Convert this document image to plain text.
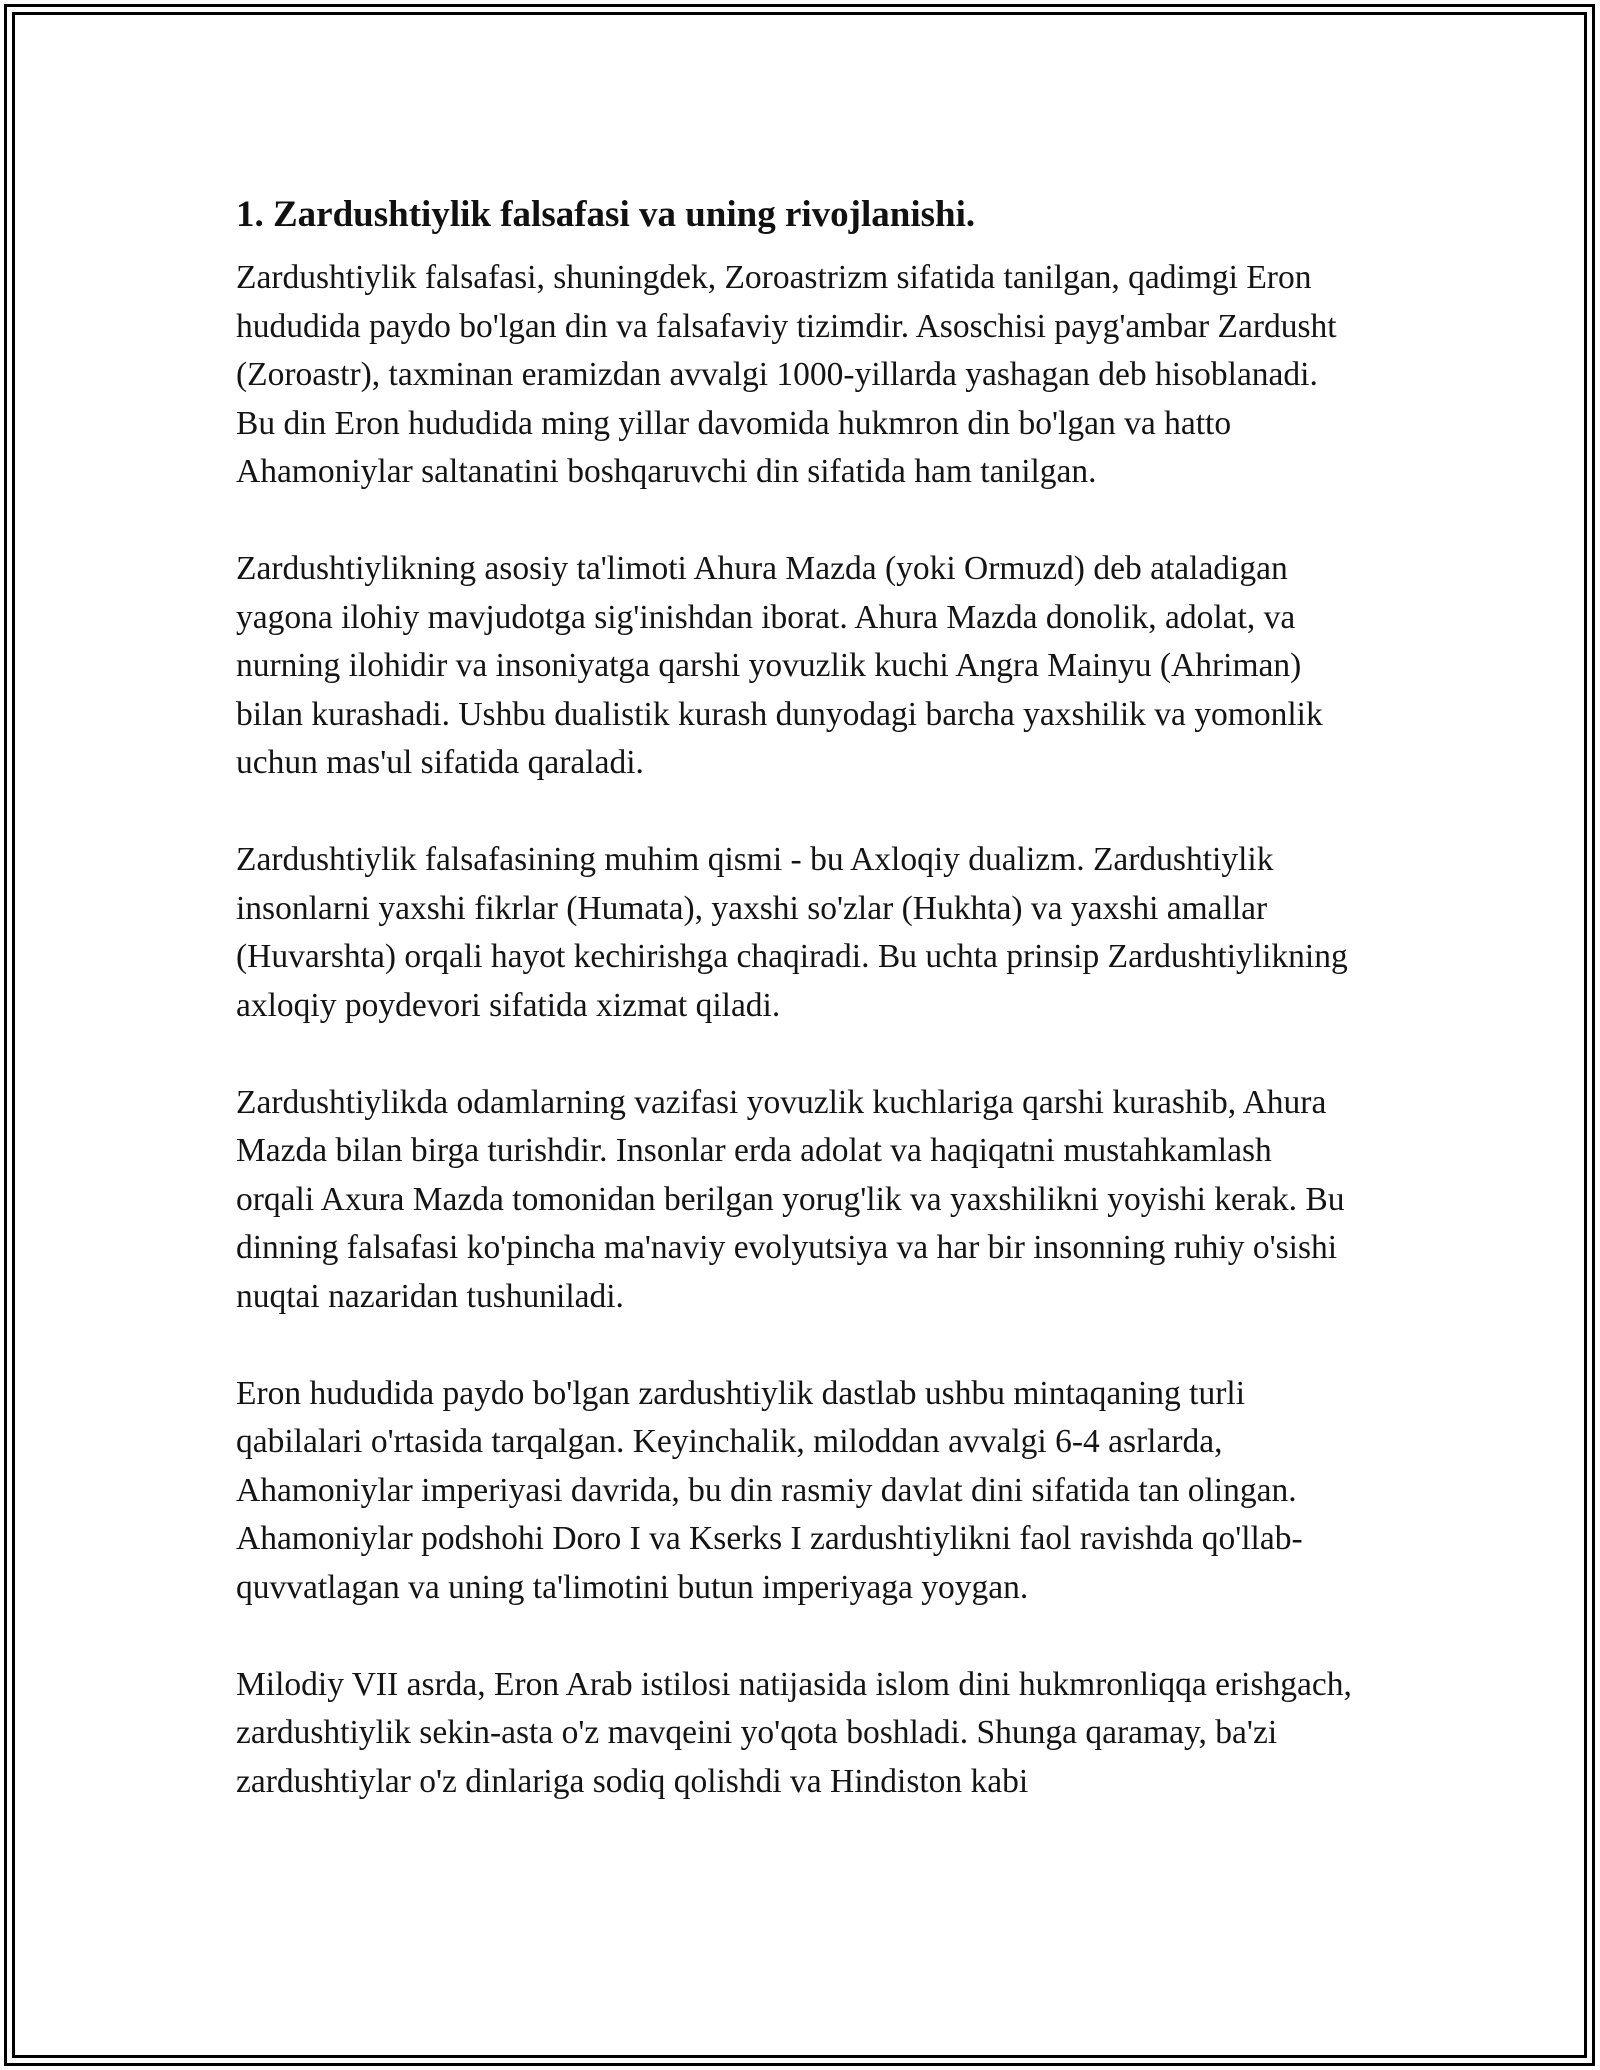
1. Zardushtiylik falsafasi va uning rivojlanishi.

Zardushtiylik falsafasi, shuningdek, Zoroastrizm sifatida tanilgan, qadimgi Eron hududida paydo bo'lgan din va falsafaviy tizimdir. Asoschisi payg'ambar Zardusht (Zoroastr), taxminan eramizdan avvalgi 1000-yillarda yashagan deb hisoblanadi. Bu din Eron hududida ming yillar davomida hukmron din bo'lgan va hatto Ahamoniylar saltanatini boshqaruvchi din sifatida ham tanilgan.

Zardushtiylikning asosiy ta'limoti Ahura Mazda (yoki Ormuzd) deb ataladigan yagona ilohiy mavjudotga sig'inishdan iborat. Ahura Mazda donolik, adolat, va nurning ilohidir va insoniyatga qarshi yovuzlik kuchi Angra Mainyu (Ahriman) bilan kurashadi. Ushbu dualistik kurash dunyodagi barcha yaxshilik va yomonlik uchun mas'ul sifatida qaraladi.

Zardushtiylik falsafasining muhim qismi - bu Axloqiy dualizm. Zardushtiylik insonlarni yaxshi fikrlar (Humata), yaxshi so'zlar (Hukhta) va yaxshi amallar (Huvarshta) orqali hayot kechirishga chaqiradi. Bu uchta prinsip Zardushtiylikning axloqiy poydevori sifatida xizmat qiladi.

Zardushtiylikda odamlarning vazifasi yovuzlik kuchlariga qarshi kurashib, Ahura Mazda bilan birga turishdir. Insonlar erda adolat va haqiqatni mustahkamlash orqali Axura Mazda tomonidan berilgan yorug'lik va yaxshilikni yoyishi kerak. Bu dinning falsafasi ko'pincha ma'naviy evolyutsiya va har bir insonning ruhiy o'sishi nuqtai nazaridan tushuniladi.

Eron hududida paydo bo'lgan zardushtiylik dastlab ushbu mintaqaning turli qabilalari o'rtasida tarqalgan. Keyinchalik, miloddan avvalgi 6-4 asrlarda, Ahamoniylar imperiyasi davrida, bu din rasmiy davlat dini sifatida tan olingan. Ahamoniylar podshohi Doro I va Kserks I zardushtiylikni faol ravishda qo'llab-quvvatlagan va uning ta'limotini butun imperiyaga yoygan.

Milodiy VII asrda, Eron Arab istilosi natijasida islom dini hukmronliqqa erishgach, zardushtiylik sekin-asta o'z mavqeini yo'qota boshladi. Shunga qaramay, ba'zi zardushtiylar o'z dinlariga sodiq qolishdi va Hindiston kabi
